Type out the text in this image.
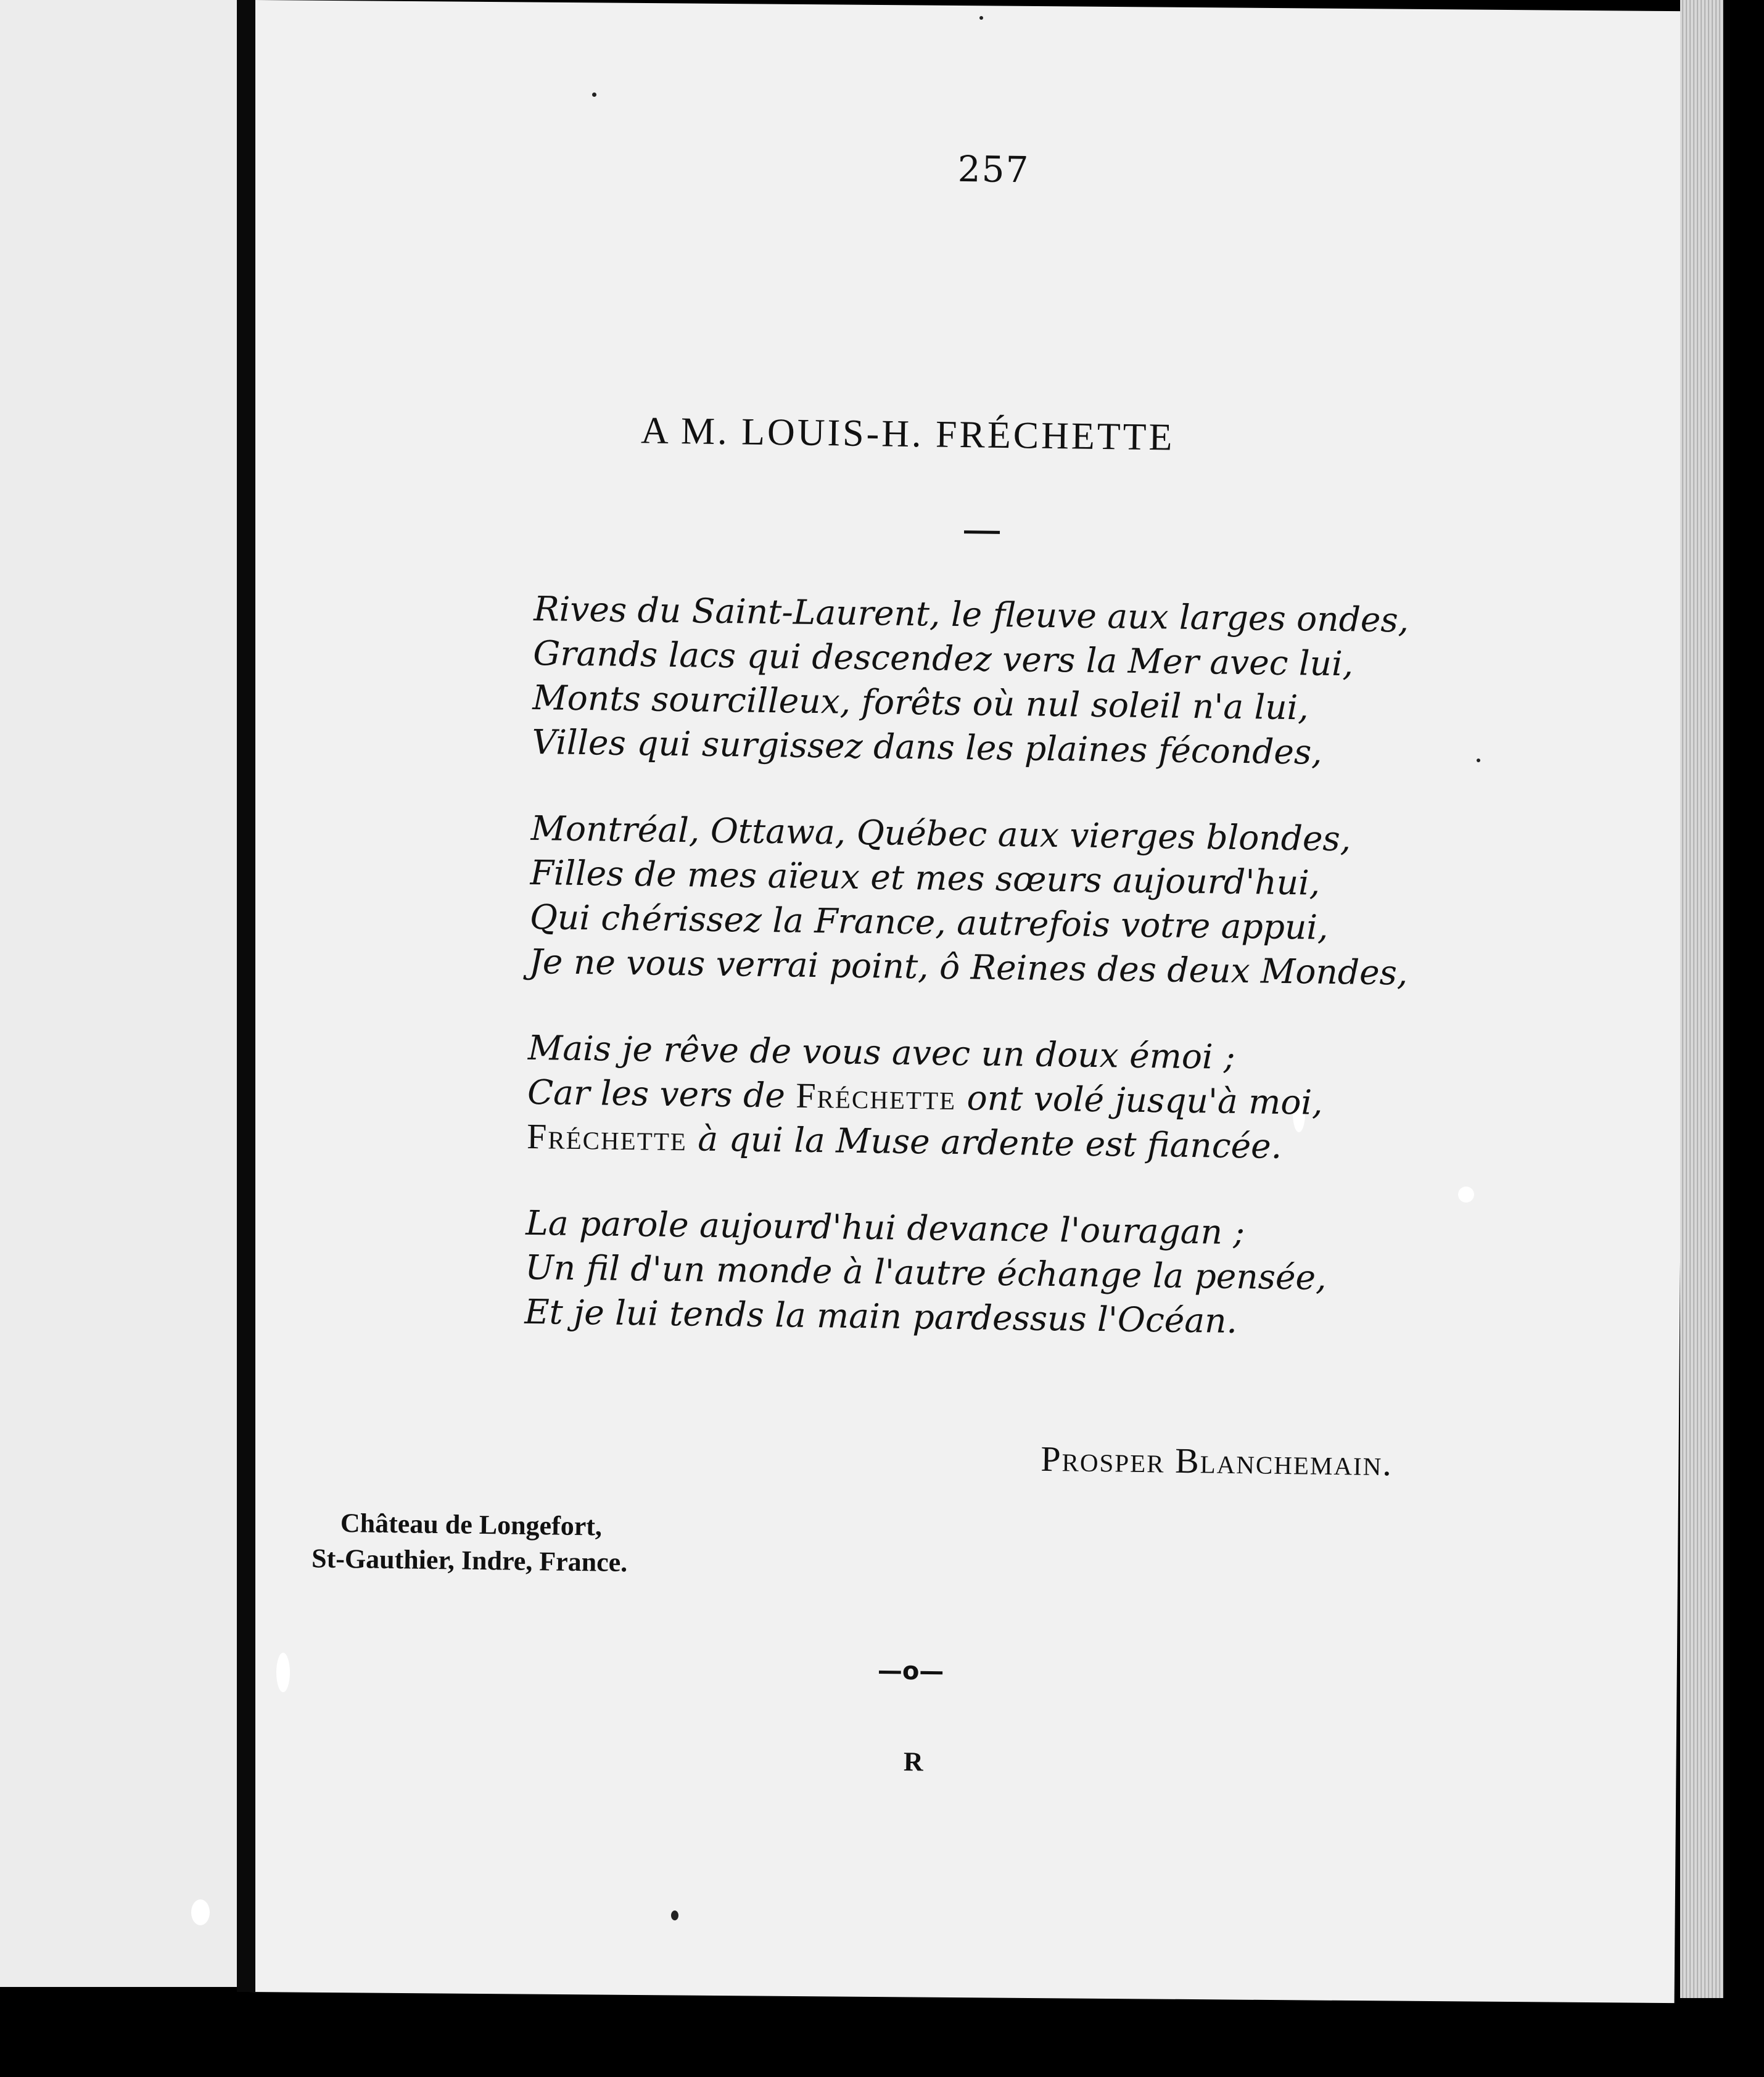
257
A M. LOUIS-H. FRÉCHETTE
Rives du Saint-Laurent, le fleuve aux larges ondes,
Grands lacs qui descendez vers la Mer avec lui,
Monts sourcilleux, forêts où nul soleil n'a lui,
Villes qui surgissez dans les plaines fécondes,
Montréal, Ottawa, Québec aux vierges blondes,
Filles de mes aïeux et mes sœurs aujourd'hui,
Qui chérissez la France, autrefois votre appui,
Je ne vous verrai point, ô Reines des deux Mondes,
Mais je rêve de vous avec un doux émoi ;
Car les vers de Fréchette ont volé jusqu'à moi,
Fréchette à qui la Muse ardente est fiancée.
La parole aujourd'hui devance l'ouragan ;
Un fil d'un monde à l'autre échange la pensée,
Et je lui tends la main pardessus l'Océan.
Prosper Blanchemain.
Château de Longefort,
St-Gauthier, Indre, France.
—o—
R
